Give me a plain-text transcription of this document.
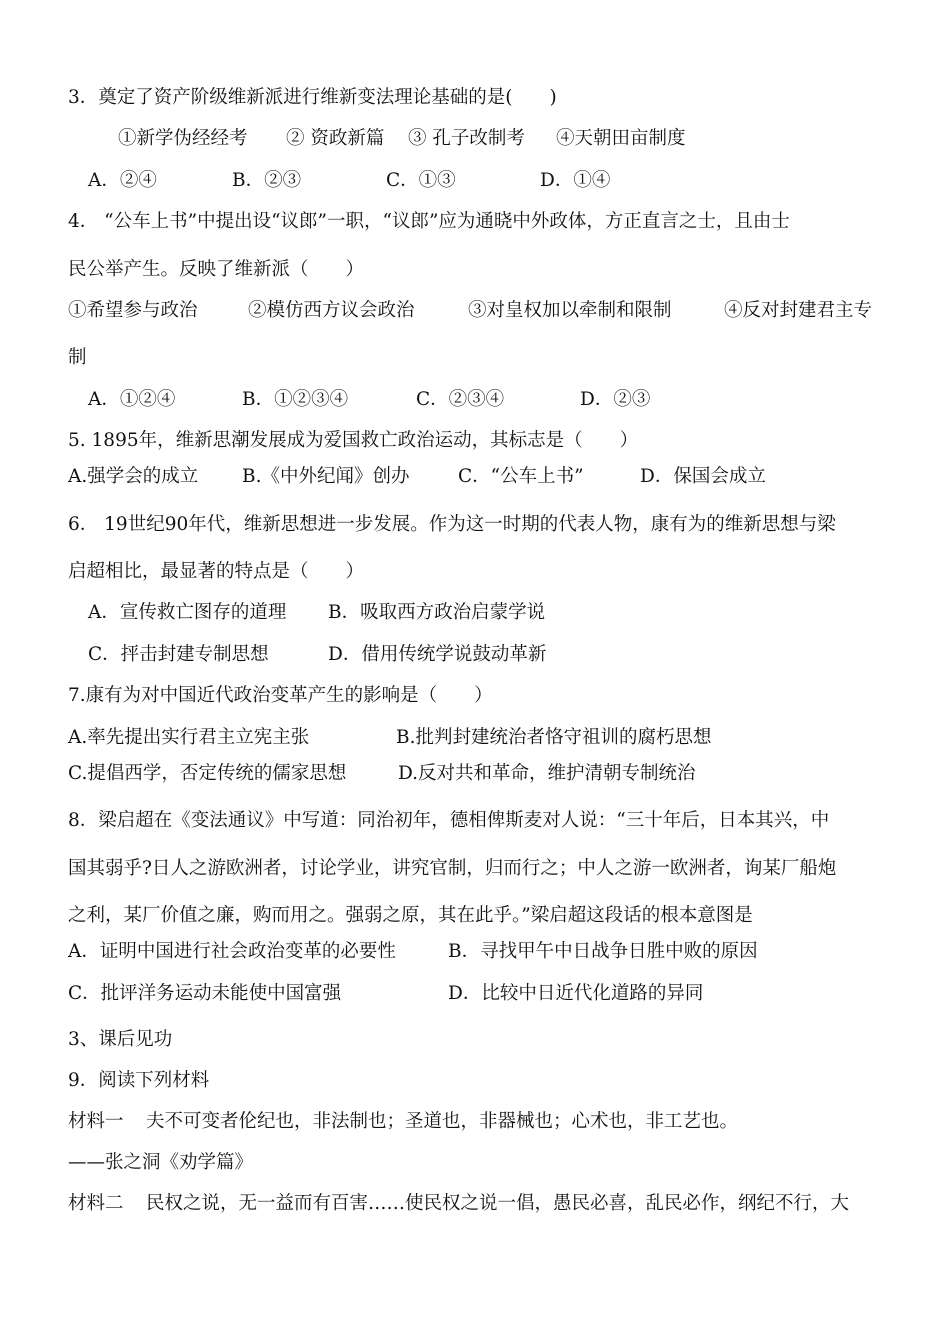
3．奠定了资产阶级维新派进行维新变法理论基础的是(　　)
①新学伪经经考 ② 资政新篇 ③ 孔子改制考 ④天朝田亩制度
A．②④	B．②③	C．①③	D．①④
4． “公车上书”中提出设“议郎”一职，“议郎”应为通晓中外政体，方正直言之士，且由士
民公举产生。反映了维新派（　　）
①希望参与政治	②模仿西方议会政治	③对皇权加以牵制和限制	④反对封建君主专
制
A．①②④	B．①②③④	C．②③④	D．②③
5. 1895年，维新思潮发展成为爱国救亡政治运动，其标志是（　　）
A.强学会的成立 B.《中外纪闻》创办	C．“公车上书”	D．保国会成立
6． 19世纪90年代，维新思想进一步发展。作为这一时期的代表人物，康有为的维新思想与梁
启超相比，最显著的特点是（　　）
A．宣传救亡图存的道理 B．吸取西方政治启蒙学说
C．抨击封建专制思想	D．借用传统学说鼓动革新
7.康有为对中国近代政治变革产生的影响是（　　）
A.率先提出实行君主立宪主张	B.批判封建统治者恪守祖训的腐朽思想
C.提倡西学，否定传统的儒家思想	D.反对共和革命，维护清朝专制统治
8．梁启超在《变法通议》中写道：同治初年，德相俾斯麦对人说：“三十年后，日本其兴，中
国其弱乎?日人之游欧洲者，讨论学业，讲究官制，归而行之；中人之游一欧洲者，询某厂船炮
之利，某厂价值之廉，购而用之。强弱之原，其在此乎。”梁启超这段话的根本意图是
A．证明中国进行社会政治变革的必要性	B．寻找甲午中日战争日胜中败的原因
C．批评洋务运动未能使中国富强	D．比较中日近代化道路的异同
3、课后见功
9．阅读下列材料
材料一 夫不可变者伦纪也，非法制也；圣道也，非器械也；心术也，非工艺也。
——张之洞《劝学篇》
材料二 民权之说，无一益而有百害……使民权之说一倡，愚民必喜，乱民必作，纲纪不行，大
